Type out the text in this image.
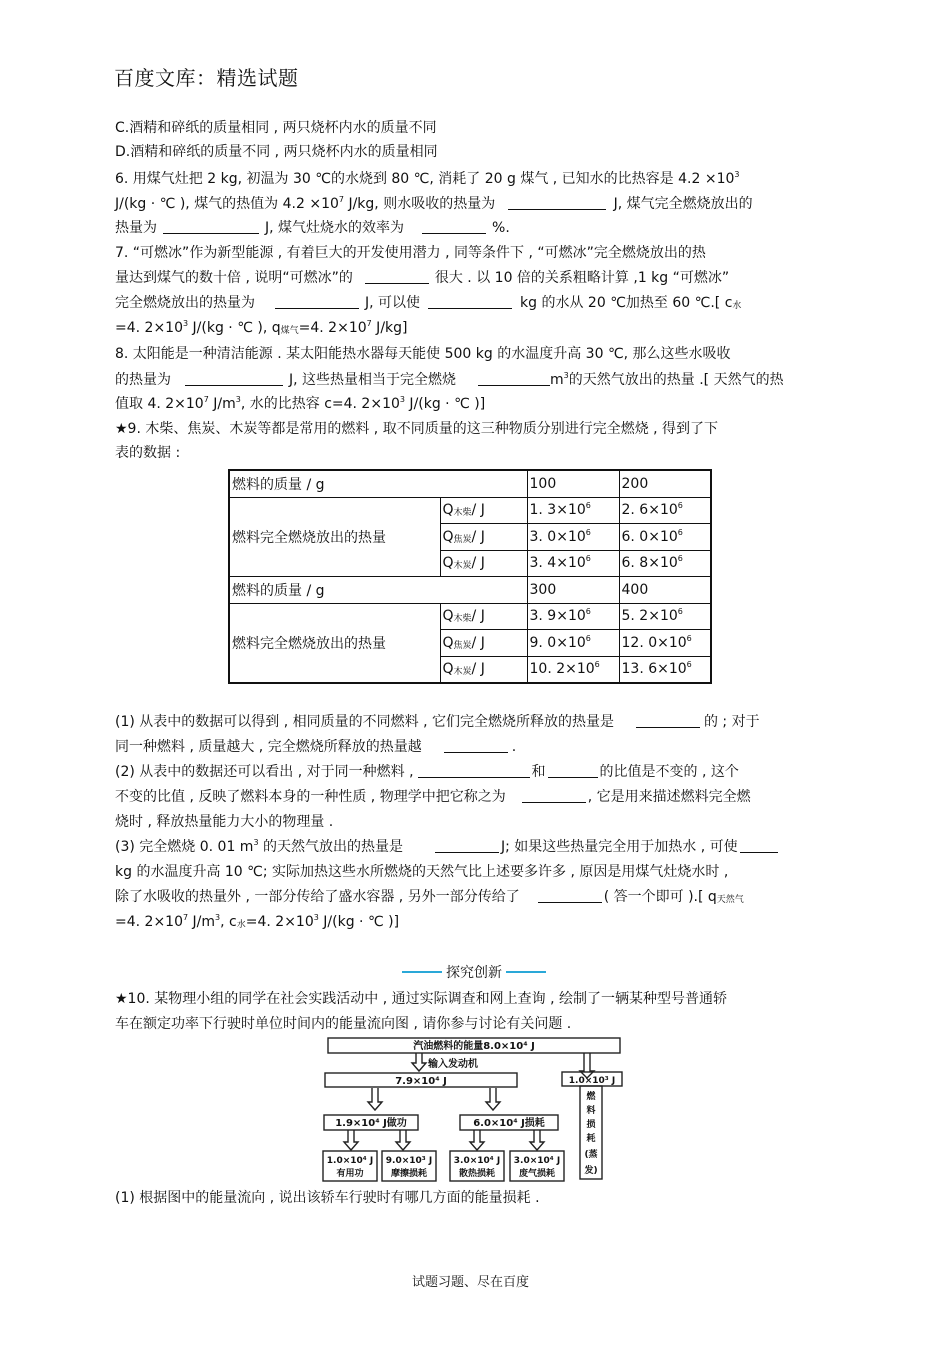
百度文库：精选试题
C.酒精和碎纸的质量相同 , 两只烧杯内水的质量不同
D.酒精和碎纸的质量不同 , 两只烧杯内水的质量相同
6. 用煤气灶把 2 kg, 初温为 30 ℃的水烧到 80 ℃, 消耗了 20 g 煤气 , 已知水的比热容是 $4.2 \times 10^3$
J/(kg · ℃ ), 煤气的热值为 $4.2 \times 10^7$ J/kg, 则水吸收的热量为	J, 煤气完全燃烧放出的
热量为	J, 煤气灶烧水的效率为	%.
7. “可燃冰”作为新型能源 , 有着巨大的开发使用潜力 , 同等条件下 , “可燃冰”完全燃烧放出的热
量达到煤气的数十倍 , 说明“可燃冰”的	很大 . 以 10 倍的关系粗略计算 ,1 kg “可燃冰”
完全燃烧放出的热量为	J, 可以使	kg 的水从 20 ℃加热至 60 ℃.[ $c_水$
=4. $2\times 10^3$ J/(kg · ℃ ), $q_{煤气}=4$. $2\times 10^7$ J/kg]
8. 太阳能是一种清洁能源 . 某太阳能热水器每天能使 500 kg 的水温度升高 30 ℃, 那么这些水吸收
的热量为	J, 这些热量相当于完全燃烧	$m^3$的天然气放出的热量 .[ 天然气的热
值取 4. $2\times 10^7$ $J/m^3$, 水的比热容 c=4. $2\times 10^3$ J/(kg · ℃ )]
★9. 木柴、焦炭、木炭等都是常用的燃料 , 取不同质量的这三种物质分别进行完全燃烧 , 得到了下
表的数据 :
燃料的质量 / g		100	200
燃料完全燃烧放出的热量	$Q_{木柴}/$ J	1. $3\times 10^6$	2. $6\times 10^6$
	$Q_{焦炭}/$ J	3. $0\times 10^6$	6. $0\times 10^6$
	$Q_{木炭}/$ J	3. $4\times 10^6$	6. $8\times 10^6$
燃料的质量 / g		300	400
燃料完全燃烧放出的热量	$Q_{木柴}/$ J	3. $9\times 10^6$	5. $2\times 10^6$
	$Q_{焦炭}/$ J	9. $0\times 10^6$	12. $0\times 10^6$
	$Q_{木炭}/$ J	10. $2\times 10^6$	13. $6\times 10^6$
(1) 从表中的数据可以得到 , 相同质量的不同燃料 , 它们完全燃烧所释放的热量是	的 ; 对于
同一种燃料 , 质量越大 , 完全燃烧所释放的热量越	.
(2) 从表中的数据还可以看出 , 对于同一种燃料 ,	和	的比值是不变的 , 这个
不变的比值 , 反映了燃料本身的一种性质 , 物理学中把它称之为	, 它是用来描述燃料完全燃
烧时 , 释放热量能力大小的物理量 .
(3) 完全燃烧 0. 01 $m^3$ 的天然气放出的热量是	J; 如果这些热量完全用于加热水 , 可使
kg 的水温度升高 10 ℃; 实际加热这些水所燃烧的天然气比上述要多许多 , 原因是用煤气灶烧水时 ,
除了水吸收的热量外 , 一部分传给了盛水容器 , 另外一部分传给了	( 答一个即可 ).[ $q_{天然气}$
=4. $2\times 10^7$ $J/m^3$, $c_水=4$. $2\times 10^3$ J/(kg · ℃ )]
探究创新
★10. 某物理小组的同学在社会实践活动中 , 通过实际调查和网上查询 , 绘制了一辆某种型号普通轿
车在额定功率下行驶时单位时间内的能量流向图 , 请你参与讨论有关问题 .
汽油燃料的能量8.0×10⁴ J
输入发动机
7.9×10⁴ J	1.0×10³ J
燃
料
损
耗
(蒸
发)
1.9×10⁴ J做功	6.0×10⁴ J损耗
1.0×10⁴ J
有用功
9.0×10³ J
摩擦损耗
3.0×10⁴ J
散热损耗
3.0×10⁴ J
废气损耗
(1) 根据图中的能量流向 , 说出该轿车行驶时有哪几方面的能量损耗 .
试题习题、尽在百度
